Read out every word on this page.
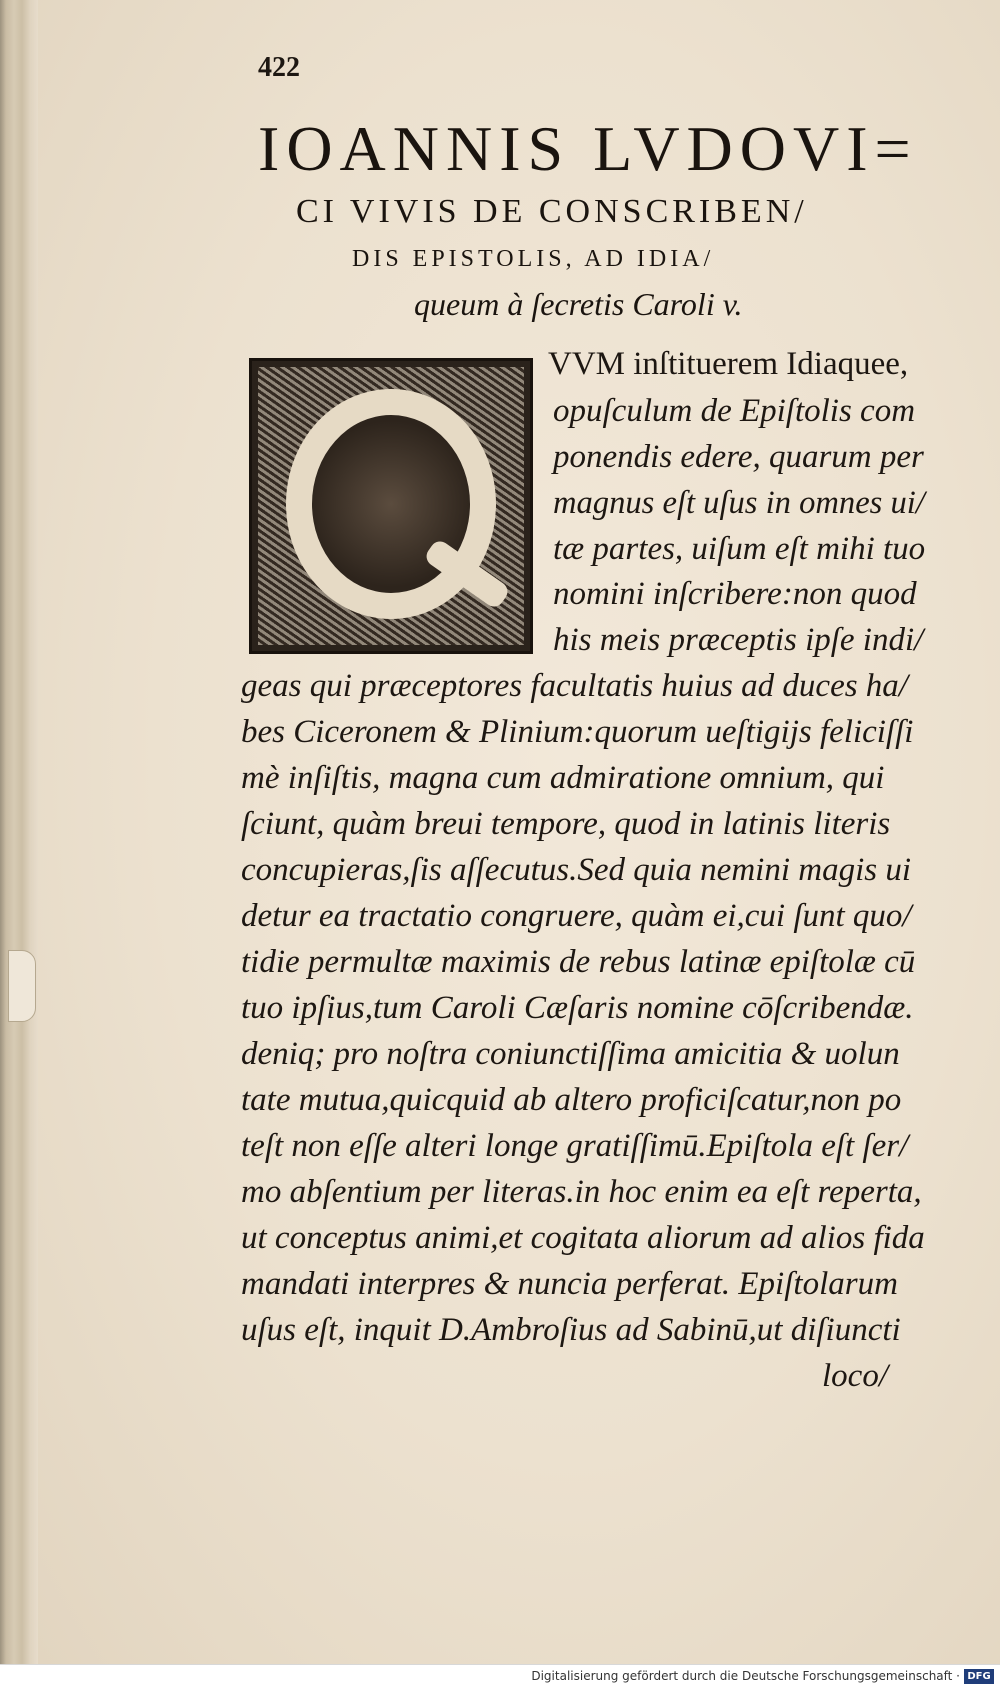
422
IOANNIS LVDOVI=
CI VIVIS DE CONSCRIBEN/
DIS EPISTOLIS, AD IDIA/
queum à ſecretis Caroli v.
VVM inſtituerem Idiaquee,
opuſculum de Epiſtolis com
ponendis edere, quarum per
magnus eſt uſus in omnes ui/
tæ partes, uiſum eſt mihi tuo
nomini inſcribere:non quod
his meis præceptis ipſe indi/
geas qui præceptores facultatis huius ad duces ha/
bes Ciceronem & Plinium:quorum ueſtigijs feliciſſi
mè inſiſtis, magna cum admiratione omnium, qui
ſciunt, quàm breui tempore, quod in latinis literis
concupieras,ſis aſſecutus.Sed quia nemini magis ui
detur ea tractatio congruere, quàm ei,cui ſunt quo/
tidie permultæ maximis de rebus latinæ epiſtolæ cū
tuo ipſius,tum Caroli Cæſaris nomine cōſcribendæ.
deniq; pro noſtra coniunctiſſima amicitia & uolun
tate mutua,quicquid ab altero proficiſcatur,non po
teſt non eſſe alteri longe gratiſſimū.Epiſtola eſt ſer/
mo abſentium per literas.in hoc enim ea eſt reperta,
ut conceptus animi,et cogitata aliorum ad alios fida
mandati interpres & nuncia perferat. Epiſtolarum
uſus eſt, inquit D.Ambroſius ad Sabinū,ut diſiuncti
loco/
Digitalisierung gefördert durch die Deutsche Forschungsgemeinschaft · DFG
